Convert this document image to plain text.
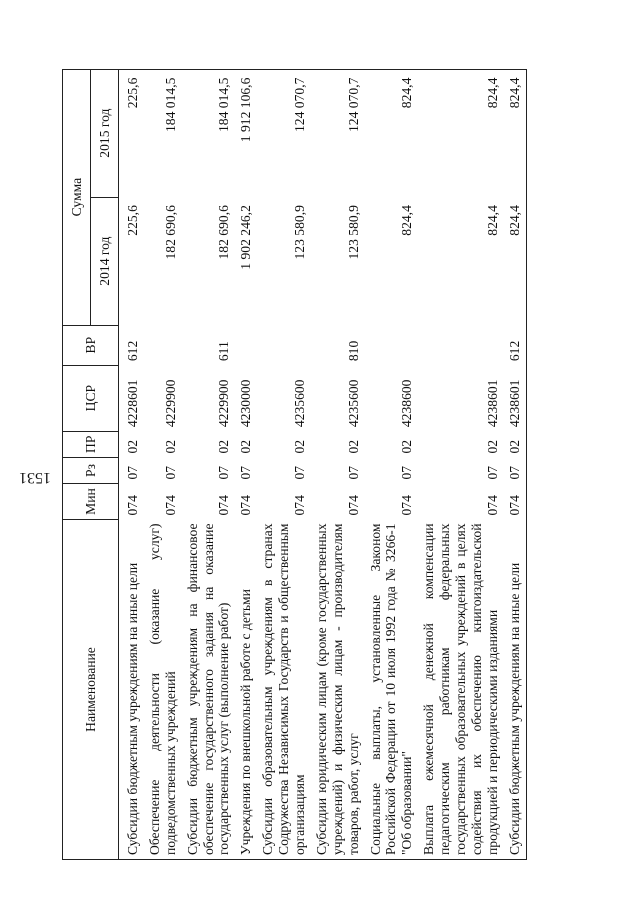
1531
Наименование	Мин	Рз	ПР	ЦСР	ВР	Сумма	
						2014 год	2015 год
Субсидии бюджетным учреждениям на иные цели	074	07	02	4228601	612	225,6	225,6
Обеспечение деятельности (оказание услуг) подведомственных учреждений	074	07	02	4229900		182 690,6	184 014,5
Субсидии бюджетным учреждениям на финансовое обеспечение государственного задания на оказание государственных услуг (выполнение работ)	074	07	02	4229900	611	182 690,6	184 014,5
Учреждения по внешкольной работе с детьми	074	07	02	4230000		1 902 246,2	1 912 106,6
Субсидии образовательным учреждениям в странах Содружества Независимых Государств и общественным организациям	074	07	02	4235600		123 580,9	124 070,7
Субсидии юридическим лицам (кроме государственных учреждений) и физическим лицам - производителям товаров, работ, услуг	074	07	02	4235600	810	123 580,9	124 070,7
Социальные выплаты, установленные Законом Российской Федерации от 10 июля 1992 года № 3266-1 "Об образовании"	074	07	02	4238600		824,4	824,4
Выплата ежемесячной денежной компенсации педагогическим работникам федеральных государственных образовательных учреждений в целях содействия их обеспечению книгоиздательской продукцией и периодическими изданиями	074	07	02	4238601		824,4	824,4
Субсидии бюджетным учреждениям на иные цели	074	07	02	4238601	612	824,4	824,4
